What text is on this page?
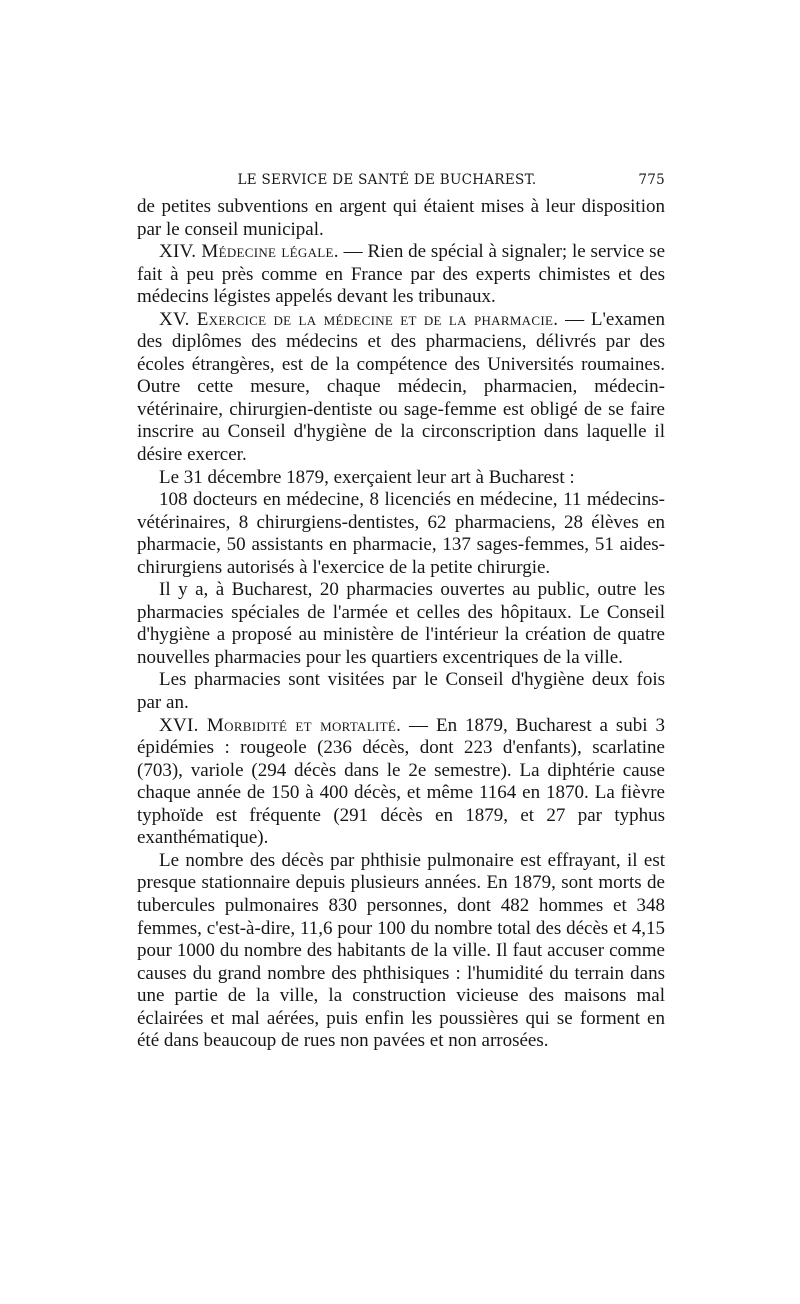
LE SERVICE DE SANTÉ DE BUCHAREST.	775

de petites subventions en argent qui étaient mises à leur disposition par le conseil municipal.

XIV. Médecine légale. — Rien de spécial à signaler; le service se fait à peu près comme en France par des experts chimistes et des médecins légistes appelés devant les tribunaux.

XV. Exercice de la médecine et de la pharmacie. — L'examen des diplômes des médecins et des pharmaciens, délivrés par des écoles étrangères, est de la compétence des Universités roumaines. Outre cette mesure, chaque médecin, pharmacien, médecin-vétérinaire, chirurgien-dentiste ou sage-femme est obligé de se faire inscrire au Conseil d'hygiène de la circonscription dans laquelle il désire exercer.

Le 31 décembre 1879, exerçaient leur art à Bucharest :

108 docteurs en médecine, 8 licenciés en médecine, 11 médecins-vétérinaires, 8 chirurgiens-dentistes, 62 pharmaciens, 28 élèves en pharmacie, 50 assistants en pharmacie, 137 sages-femmes, 51 aides-chirurgiens autorisés à l'exercice de la petite chirurgie.

Il y a, à Bucharest, 20 pharmacies ouvertes au public, outre les pharmacies spéciales de l'armée et celles des hôpitaux. Le Conseil d'hygiène a proposé au ministère de l'intérieur la création de quatre nouvelles pharmacies pour les quartiers excentriques de la ville.

Les pharmacies sont visitées par le Conseil d'hygiène deux fois par an.

XVI. Morbidité et mortalité. — En 1879, Bucharest a subi 3 épidémies : rougeole (236 décès, dont 223 d'enfants), scarlatine (703), variole (294 décès dans le 2e semestre). La diphtérie cause chaque année de 150 à 400 décès, et même 1164 en 1870. La fièvre typhoïde est fréquente (291 décès en 1879, et 27 par typhus exanthématique).

Le nombre des décès par phthisie pulmonaire est effrayant, il est presque stationnaire depuis plusieurs années. En 1879, sont morts de tubercules pulmonaires 830 personnes, dont 482 hommes et 348 femmes, c'est-à-dire, 11,6 pour 100 du nombre total des décès et 4,15 pour 1000 du nombre des habitants de la ville. Il faut accuser comme causes du grand nombre des phthisiques : l'humidité du terrain dans une partie de la ville, la construction vicieuse des maisons mal éclairées et mal aérées, puis enfin les poussières qui se forment en été dans beaucoup de rues non pavées et non arrosées.
